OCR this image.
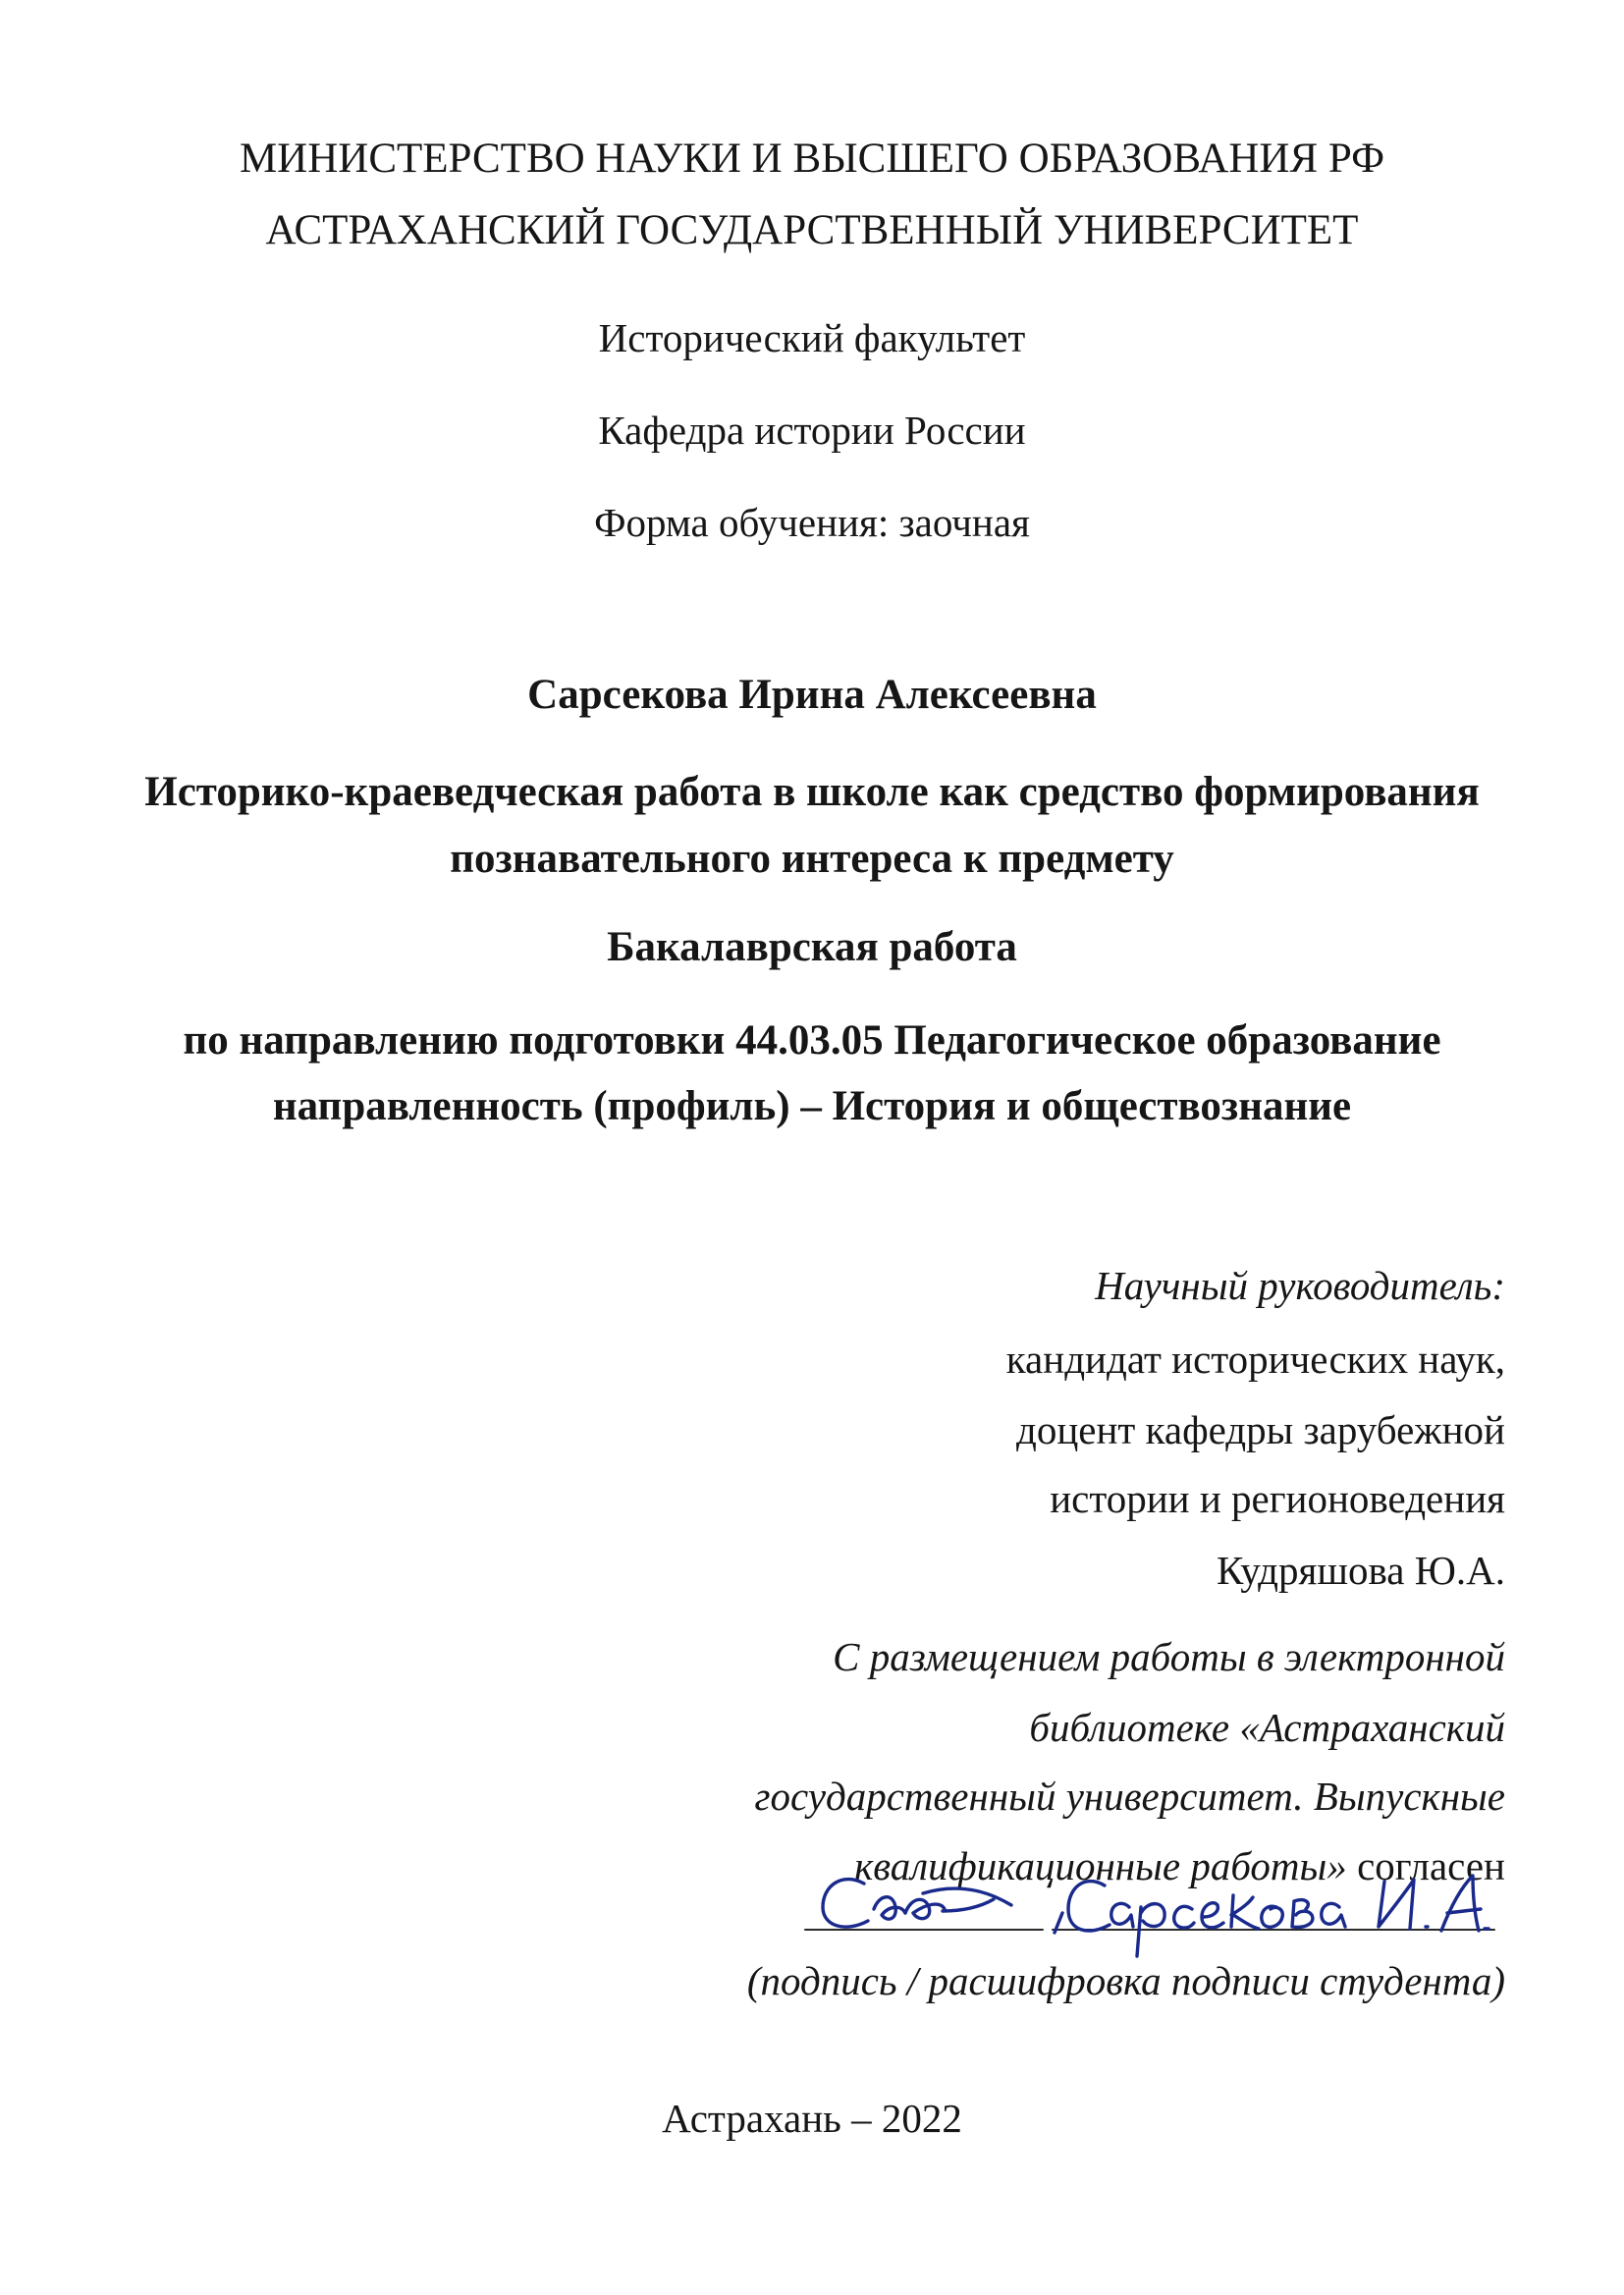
МИНИСТЕРСТВО НАУКИ И ВЫСШЕГО ОБРАЗОВАНИЯ РФ
АСТРАХАНСКИЙ ГОСУДАРСТВЕННЫЙ УНИВЕРСИТЕТ
Исторический факультет
Кафедра истории России
Форма обучения: заочная
Сарсекова Ирина Алексеевна
Историко-краеведческая работа в школе как средство формирования
познавательного интереса к предмету
Бакалаврская работа
по направлению подготовки 44.03.05 Педагогическое образование
направленность (профиль) – История и обществознание
Научный руководитель:
кандидат исторических наук,
доцент кафедры зарубежной
истории и регионоведения
Кудряшова Ю.А.
С размещением работы в электронной
библиотеке «Астраханский
государственный университет. Выпускные
квалификационные работы» согласен
(подпись / расшифровка подписи студента)
Астрахань – 2022
